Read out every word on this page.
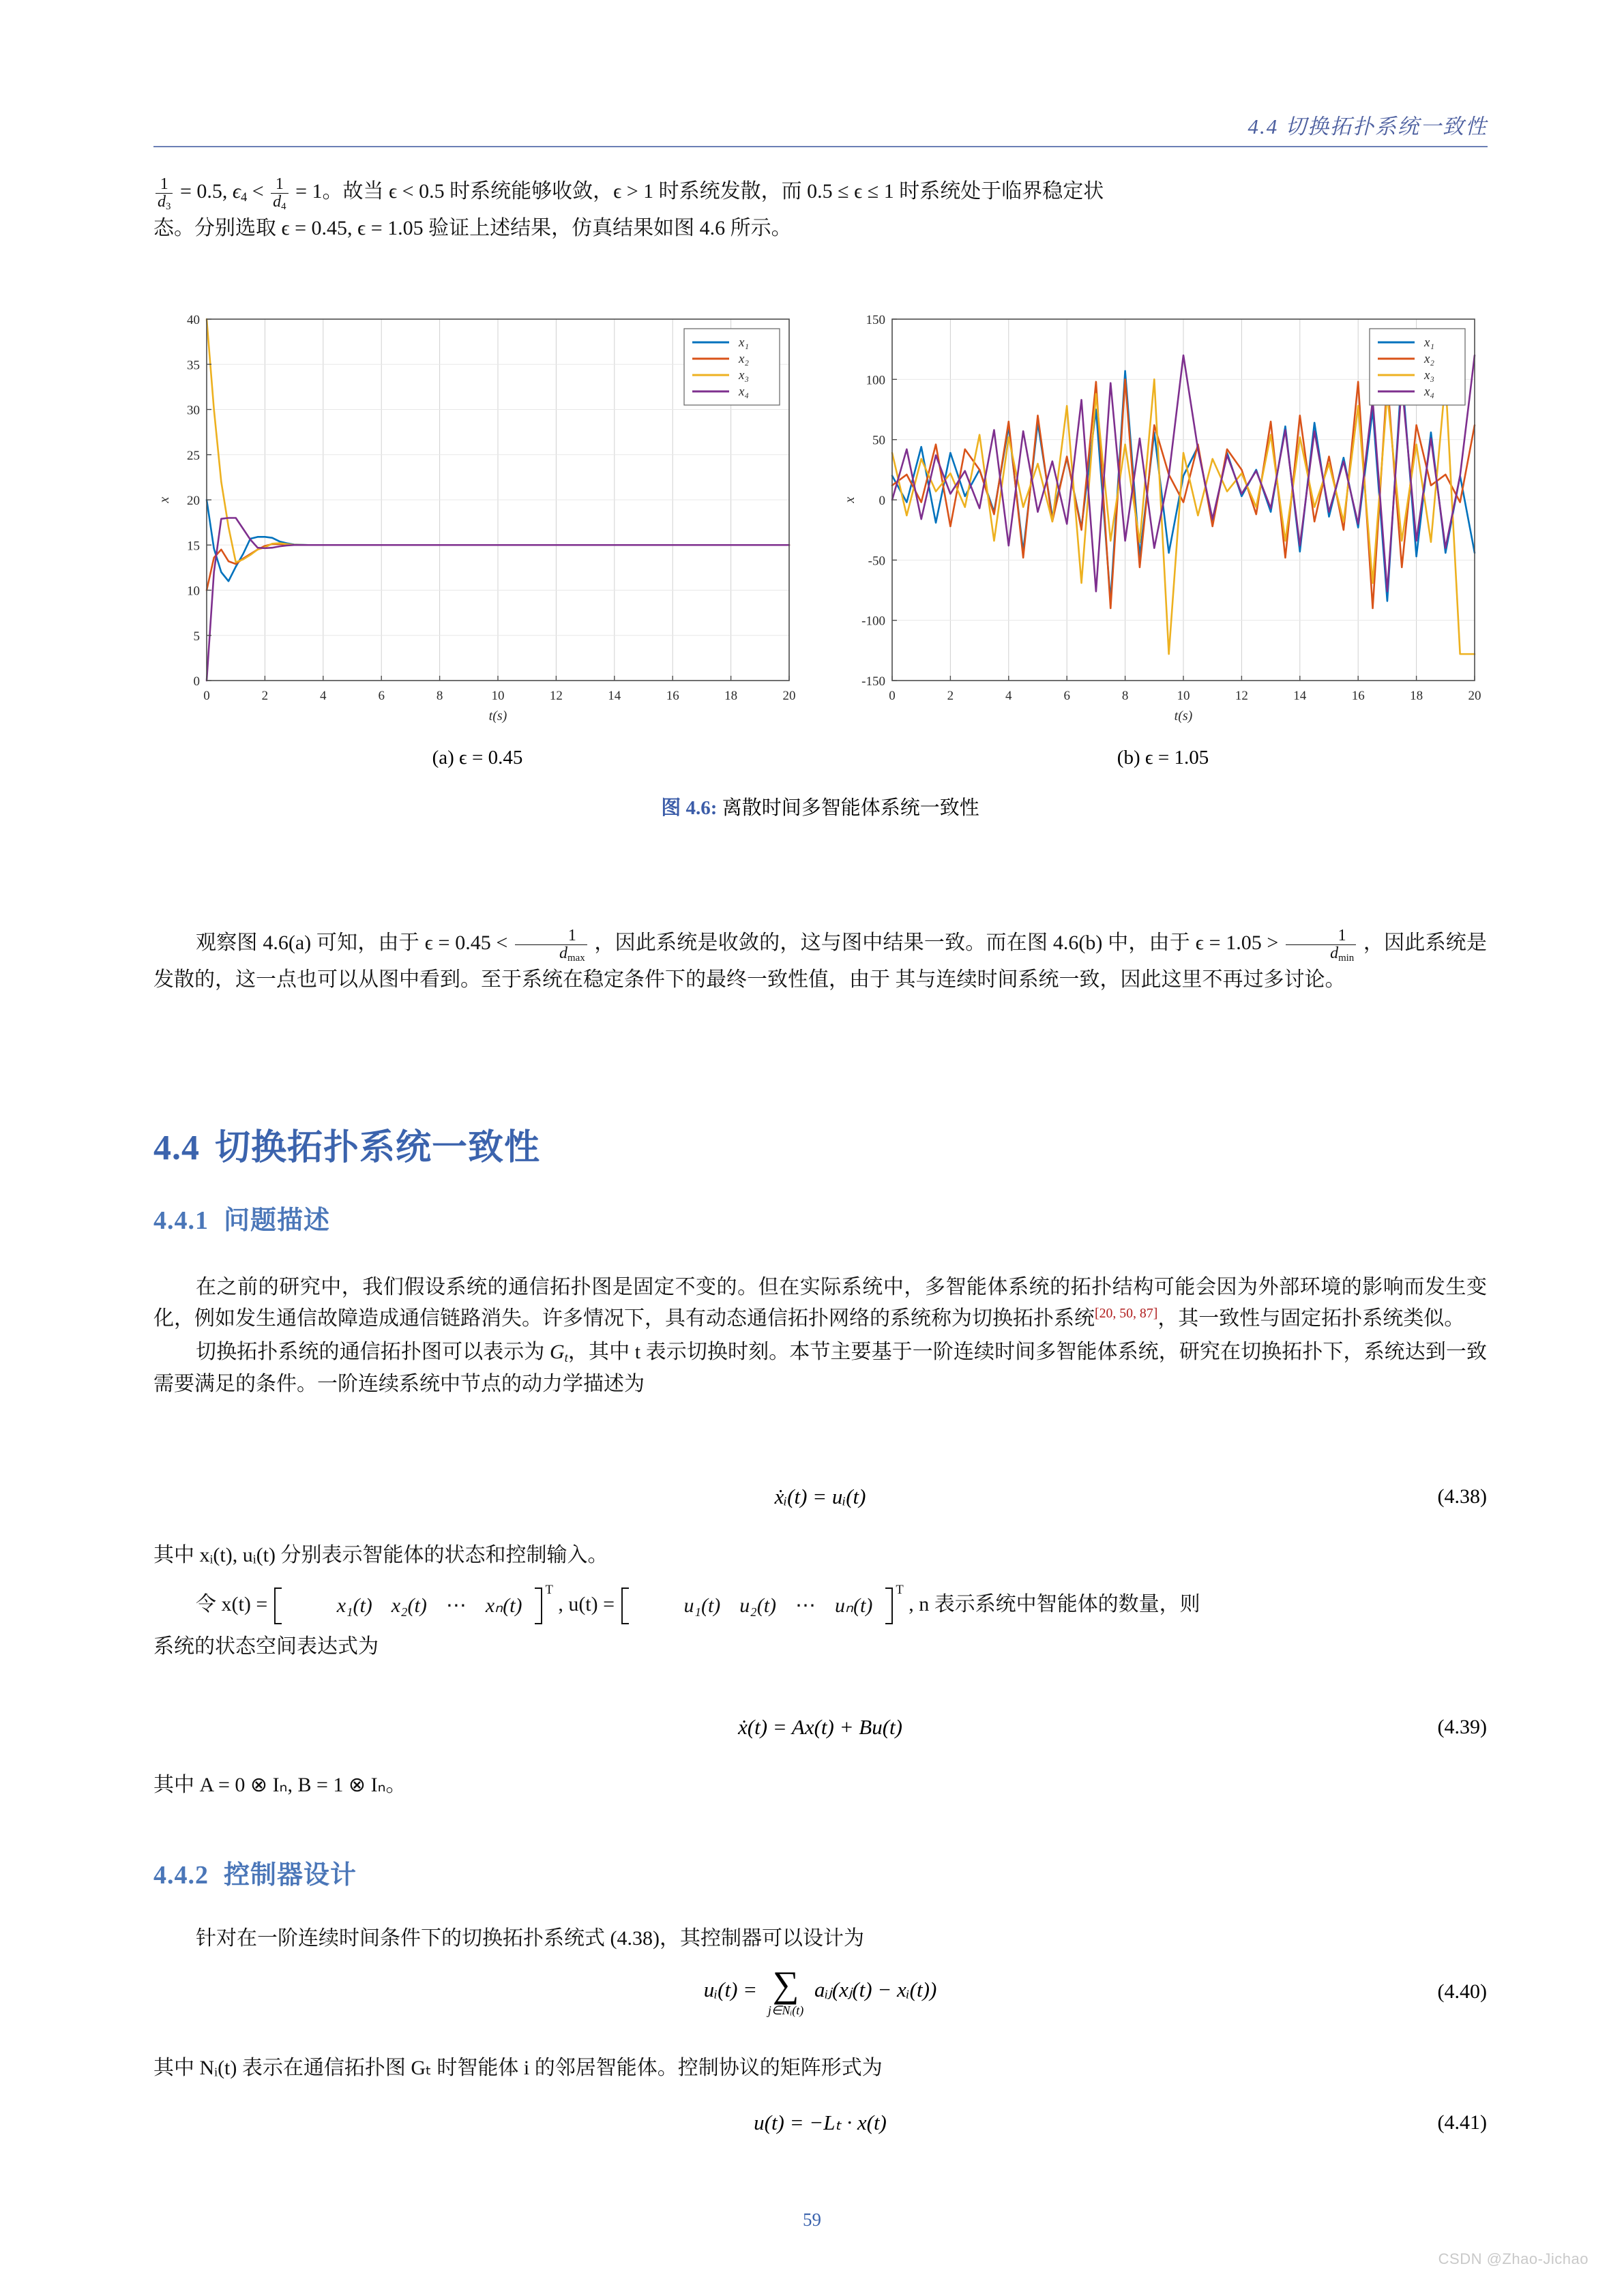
4.4 切换拓扑系统一致性

$\frac{1}{d_3} = 0.5$, $\epsilon_4 < \frac{1}{d_4} = 1$。故当 ϵ < 0.5 时系统能够收敛，ϵ > 1 时系统发散，而 0.5 ≤ ϵ ≤ 1 时系统处于临界稳定状

态。分别选取 ϵ = 0.45, ϵ = 1.05 验证上述结果，仿真结果如图 4.6 所示。

0	2	4	6	8	10	12	14	16	18	20
0
5
10
15
20
25
30
35
40
t(s)
x
x₁
x₂
x₃
x₄
0	2	4	6	8	10	12	14	16	18	20
-150
-100
-50
0
50
100
150
t(s)
x
x₁
x₂
x₃
x₄
(a) ϵ = 0.45	(b) ϵ = 1.05
图 4.6: 离散时间多智能体系统一致性

观察图 4.6(a) 可知，由于 $\epsilon = 0.45 < \frac{1}{d_{max}}$ ，因此系统是收敛的，这与图中结果一致。而在图 4.6(b) 中，由于 $\epsilon = 1.05 > \frac{1}{d_{min}}$ ，因此系统是发散的，这一点也可以从图中看到。至于系统在稳定条件下的最终一致性值，由于 其与连续时间系统一致，因此这里不再过多讨论。

4.4 切换拓扑系统一致性
4.4.1 问题描述

在之前的研究中，我们假设系统的通信拓扑图是固定不变的。但在实际系统中，多智能体系统的拓扑结构可能会因为外部环境的影响而发生变化，例如发生通信故障造成通信链路消失。许多情况下，具有动态通信拓扑网络的系统称为切换拓扑系统[20, 50, 87]，其一致性与固定拓扑系统类似。

切换拓扑系统的通信拓扑图可以表示为 $G_t$，其中 t 表示切换时刻。本节主要基于一阶连续时间多智能体系统，研究在切换拓扑下，系统达到一致需要满足的条件。一阶连续系统中节点的动力学描述为

ẋᵢ(t) = uᵢ(t)	(4.38)

其中 xᵢ(t), uᵢ(t) 分别表示智能体的状态和控制输入。

令 x(t) =	x₁(t) x₂(t) ⋯ $x_n(t)^T$ , u(t) =	u₁(t) u₂(t) ⋯ $u_n(t)^T$ , n 表示系统中智能体的数量，则

系统的状态空间表达式为

ẋ(t) = Ax(t) + Bu(t)	(4.39)

其中 A = 0 ⊗ Iₙ, B = 1 ⊗ Iₙ。

4.4.2 控制器设计

针对在一阶连续时间条件下的切换拓扑系统式 (4.38)，其控制器可以设计为

uᵢ(t) = ∑
j∈Nᵢ(t)
aᵢⱼ(xⱼ(t) − xᵢ(t))	(4.40)

其中 Nᵢ(t) 表示在通信拓扑图 Gₜ 时智能体 i 的邻居智能体。控制协议的矩阵形式为

u(t) = −Lₜ · x(t)	(4.41)
59
CSDN @Zhao-Jichao
